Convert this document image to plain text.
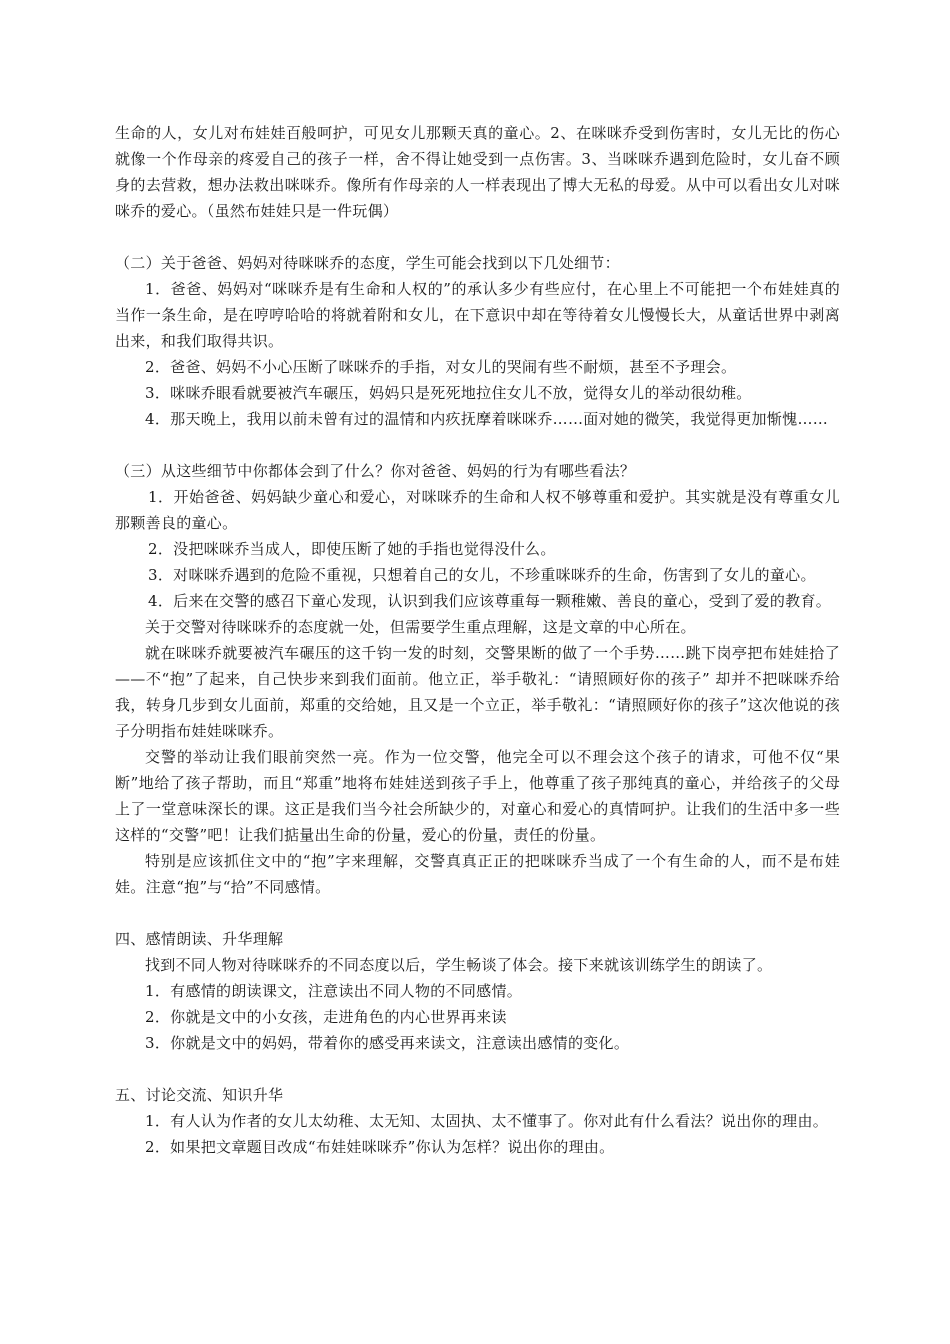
生命的人，女儿对布娃娃百般呵护，可见女儿那颗天真的童心。2、在咪咪乔受到伤害时，女儿无比的伤心就像一个作母亲的疼爱自己的孩子一样，舍不得让她受到一点伤害。3、当咪咪乔遇到危险时，女儿奋不顾身的去营救，想办法救出咪咪乔。像所有作母亲的人一样表现出了博大无私的母爱。从中可以看出女儿对咪咪乔的爱心。（虽然布娃娃只是一件玩偶）

（二）关于爸爸、妈妈对待咪咪乔的态度，学生可能会找到以下几处细节：

1．爸爸、妈妈对“咪咪乔是有生命和人权的”的承认多少有些应付，在心里上不可能把一个布娃娃真的当作一条生命，是在哼哼哈哈的将就着附和女儿，在下意识中却在等待着女儿慢慢长大，从童话世界中剥离出来，和我们取得共识。

2．爸爸、妈妈不小心压断了咪咪乔的手指，对女儿的哭闹有些不耐烦，甚至不予理会。

3．咪咪乔眼看就要被汽车碾压，妈妈只是死死地拉住女儿不放，觉得女儿的举动很幼稚。

4．那天晚上，我用以前未曾有过的温情和内疚抚摩着咪咪乔……面对她的微笑，我觉得更加惭愧……

（三）从这些细节中你都体会到了什么？你对爸爸、妈妈的行为有哪些看法？

1．开始爸爸、妈妈缺少童心和爱心，对咪咪乔的生命和人权不够尊重和爱护。其实就是没有尊重女儿那颗善良的童心。

2．没把咪咪乔当成人，即使压断了她的手指也觉得没什么。

3．对咪咪乔遇到的危险不重视，只想着自己的女儿，不珍重咪咪乔的生命，伤害到了女儿的童心。

4．后来在交警的感召下童心发现，认识到我们应该尊重每一颗稚嫩、善良的童心，受到了爱的教育。

关于交警对待咪咪乔的态度就一处，但需要学生重点理解，这是文章的中心所在。

就在咪咪乔就要被汽车碾压的这千钧一发的时刻，交警果断的做了一个手势……跳下岗亭把布娃娃拾了——不“抱”了起来，自己快步来到我们面前。他立正，举手敬礼：“请照顾好你的孩子” 却并不把咪咪乔给我，转身几步到女儿面前，郑重的交给她，且又是一个立正，举手敬礼：“请照顾好你的孩子”这次他说的孩子分明指布娃娃咪咪乔。

交警的举动让我们眼前突然一亮。作为一位交警，他完全可以不理会这个孩子的请求，可他不仅“果断”地给了孩子帮助，而且“郑重”地将布娃娃送到孩子手上，他尊重了孩子那纯真的童心，并给孩子的父母上了一堂意味深长的课。这正是我们当今社会所缺少的，对童心和爱心的真情呵护。让我们的生活中多一些这样的“交警”吧！让我们掂量出生命的份量，爱心的份量，责任的份量。

特别是应该抓住文中的“抱”字来理解，交警真真正正的把咪咪乔当成了一个有生命的人，而不是布娃娃。注意“抱”与“拾”不同感情。

四、感情朗读、升华理解

找到不同人物对待咪咪乔的不同态度以后，学生畅谈了体会。接下来就该训练学生的朗读了。

1．有感情的朗读课文，注意读出不同人物的不同感情。

2．你就是文中的小女孩，走进角色的内心世界再来读

3．你就是文中的妈妈，带着你的感受再来读文，注意读出感情的变化。

五、讨论交流、知识升华

1．有人认为作者的女儿太幼稚、太无知、太固执、太不懂事了。你对此有什么看法？说出你的理由。

2．如果把文章题目改成“布娃娃咪咪乔”你认为怎样？说出你的理由。
